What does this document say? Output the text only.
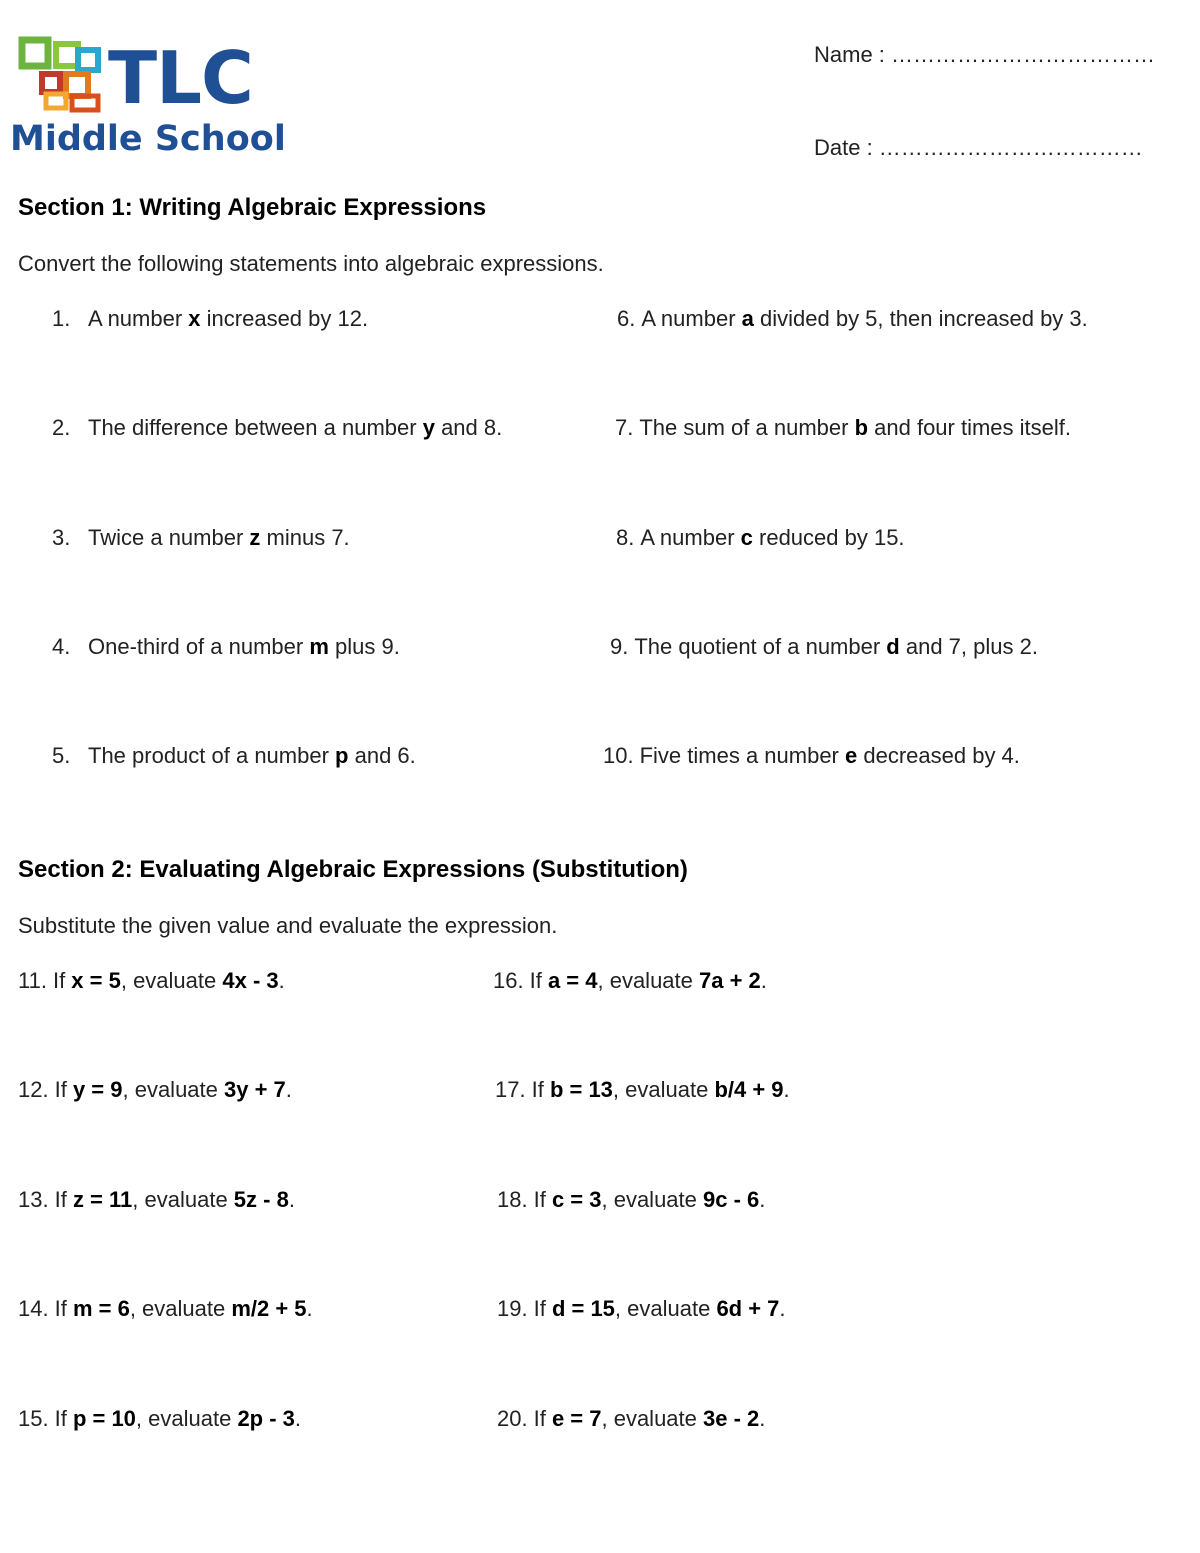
TLC
Middle School
Name : ………………………………
Date : ………………………………
Section 1: Writing Algebraic Expressions
Convert the following statements into algebraic expressions.
1. A number x increased by 12.
2. The difference between a number y and 8.
3. Twice a number z minus 7.
4. One-third of a number m plus 9.
5. The product of a number p and 6.
6. A number a divided by 5, then increased by 3.
7. The sum of a number b and four times itself.
8. A number c reduced by 15.
9. The quotient of a number d and 7, plus 2.
10. Five times a number e decreased by 4.
Section 2: Evaluating Algebraic Expressions (Substitution)
Substitute the given value and evaluate the expression.
11. If x = 5, evaluate 4x - 3.
12. If y = 9, evaluate 3y + 7.
13. If z = 11, evaluate 5z - 8.
14. If m = 6, evaluate m/2 + 5.
15. If p = 10, evaluate 2p - 3.
16. If a = 4, evaluate 7a + 2.
17. If b = 13, evaluate b/4 + 9.
18. If c = 3, evaluate 9c - 6.
19. If d = 15, evaluate 6d + 7.
20. If e = 7, evaluate 3e - 2.
